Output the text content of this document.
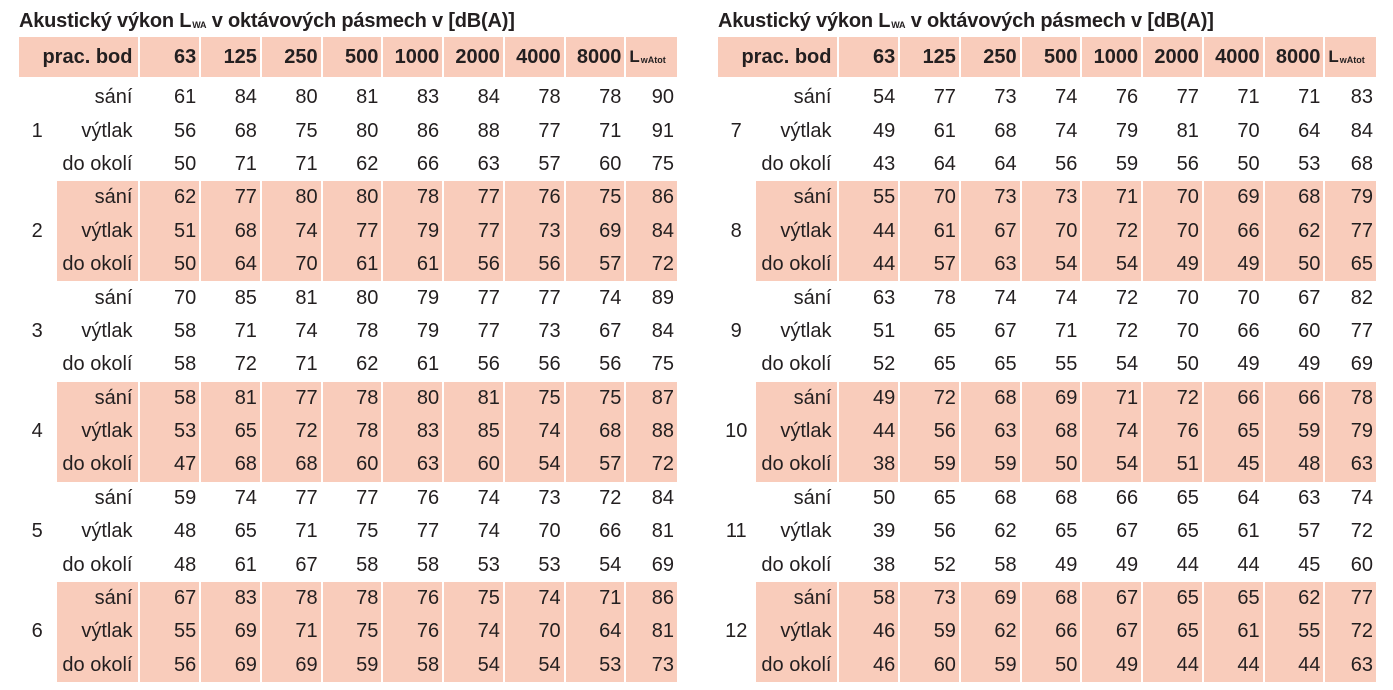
Akustický výkon $L_{WA}$ v oktávových pásmech v [dB(A)]
prac. bod		63	125	250	500	1000	2000	4000	8000	$L_{wAtot}$

1	sání	61	84	80	81	83	84	78	78	90
	výtlak	56	68	75	80	86	88	77	71	91
	do okolí	50	71	71	62	66	63	57	60	75
2	sání	62	77	80	80	78	77	76	75	86
	výtlak	51	68	74	77	79	77	73	69	84
	do okolí	50	64	70	61	61	56	56	57	72
3	sání	70	85	81	80	79	77	77	74	89
	výtlak	58	71	74	78	79	77	73	67	84
	do okolí	58	72	71	62	61	56	56	56	75
4	sání	58	81	77	78	80	81	75	75	87
	výtlak	53	65	72	78	83	85	74	68	88
	do okolí	47	68	68	60	63	60	54	57	72
5	sání	59	74	77	77	76	74	73	72	84
	výtlak	48	65	71	75	77	74	70	66	81
	do okolí	48	61	67	58	58	53	53	54	69
6	sání	67	83	78	78	76	75	74	71	86
	výtlak	55	69	71	75	76	74	70	64	81
	do okolí	56	69	69	59	58	54	54	53	73
Akustický výkon $L_{WA}$ v oktávových pásmech v [dB(A)]
prac. bod		63	125	250	500	1000	2000	4000	8000	$L_{wAtot}$

7	sání	54	77	73	74	76	77	71	71	83
	výtlak	49	61	68	74	79	81	70	64	84
	do okolí	43	64	64	56	59	56	50	53	68
8	sání	55	70	73	73	71	70	69	68	79
	výtlak	44	61	67	70	72	70	66	62	77
	do okolí	44	57	63	54	54	49	49	50	65
9	sání	63	78	74	74	72	70	70	67	82
	výtlak	51	65	67	71	72	70	66	60	77
	do okolí	52	65	65	55	54	50	49	49	69
10	sání	49	72	68	69	71	72	66	66	78
	výtlak	44	56	63	68	74	76	65	59	79
	do okolí	38	59	59	50	54	51	45	48	63
11	sání	50	65	68	68	66	65	64	63	74
	výtlak	39	56	62	65	67	65	61	57	72
	do okolí	38	52	58	49	49	44	44	45	60
12	sání	58	73	69	68	67	65	65	62	77
	výtlak	46	59	62	66	67	65	61	55	72
	do okolí	46	60	59	50	49	44	44	44	63
